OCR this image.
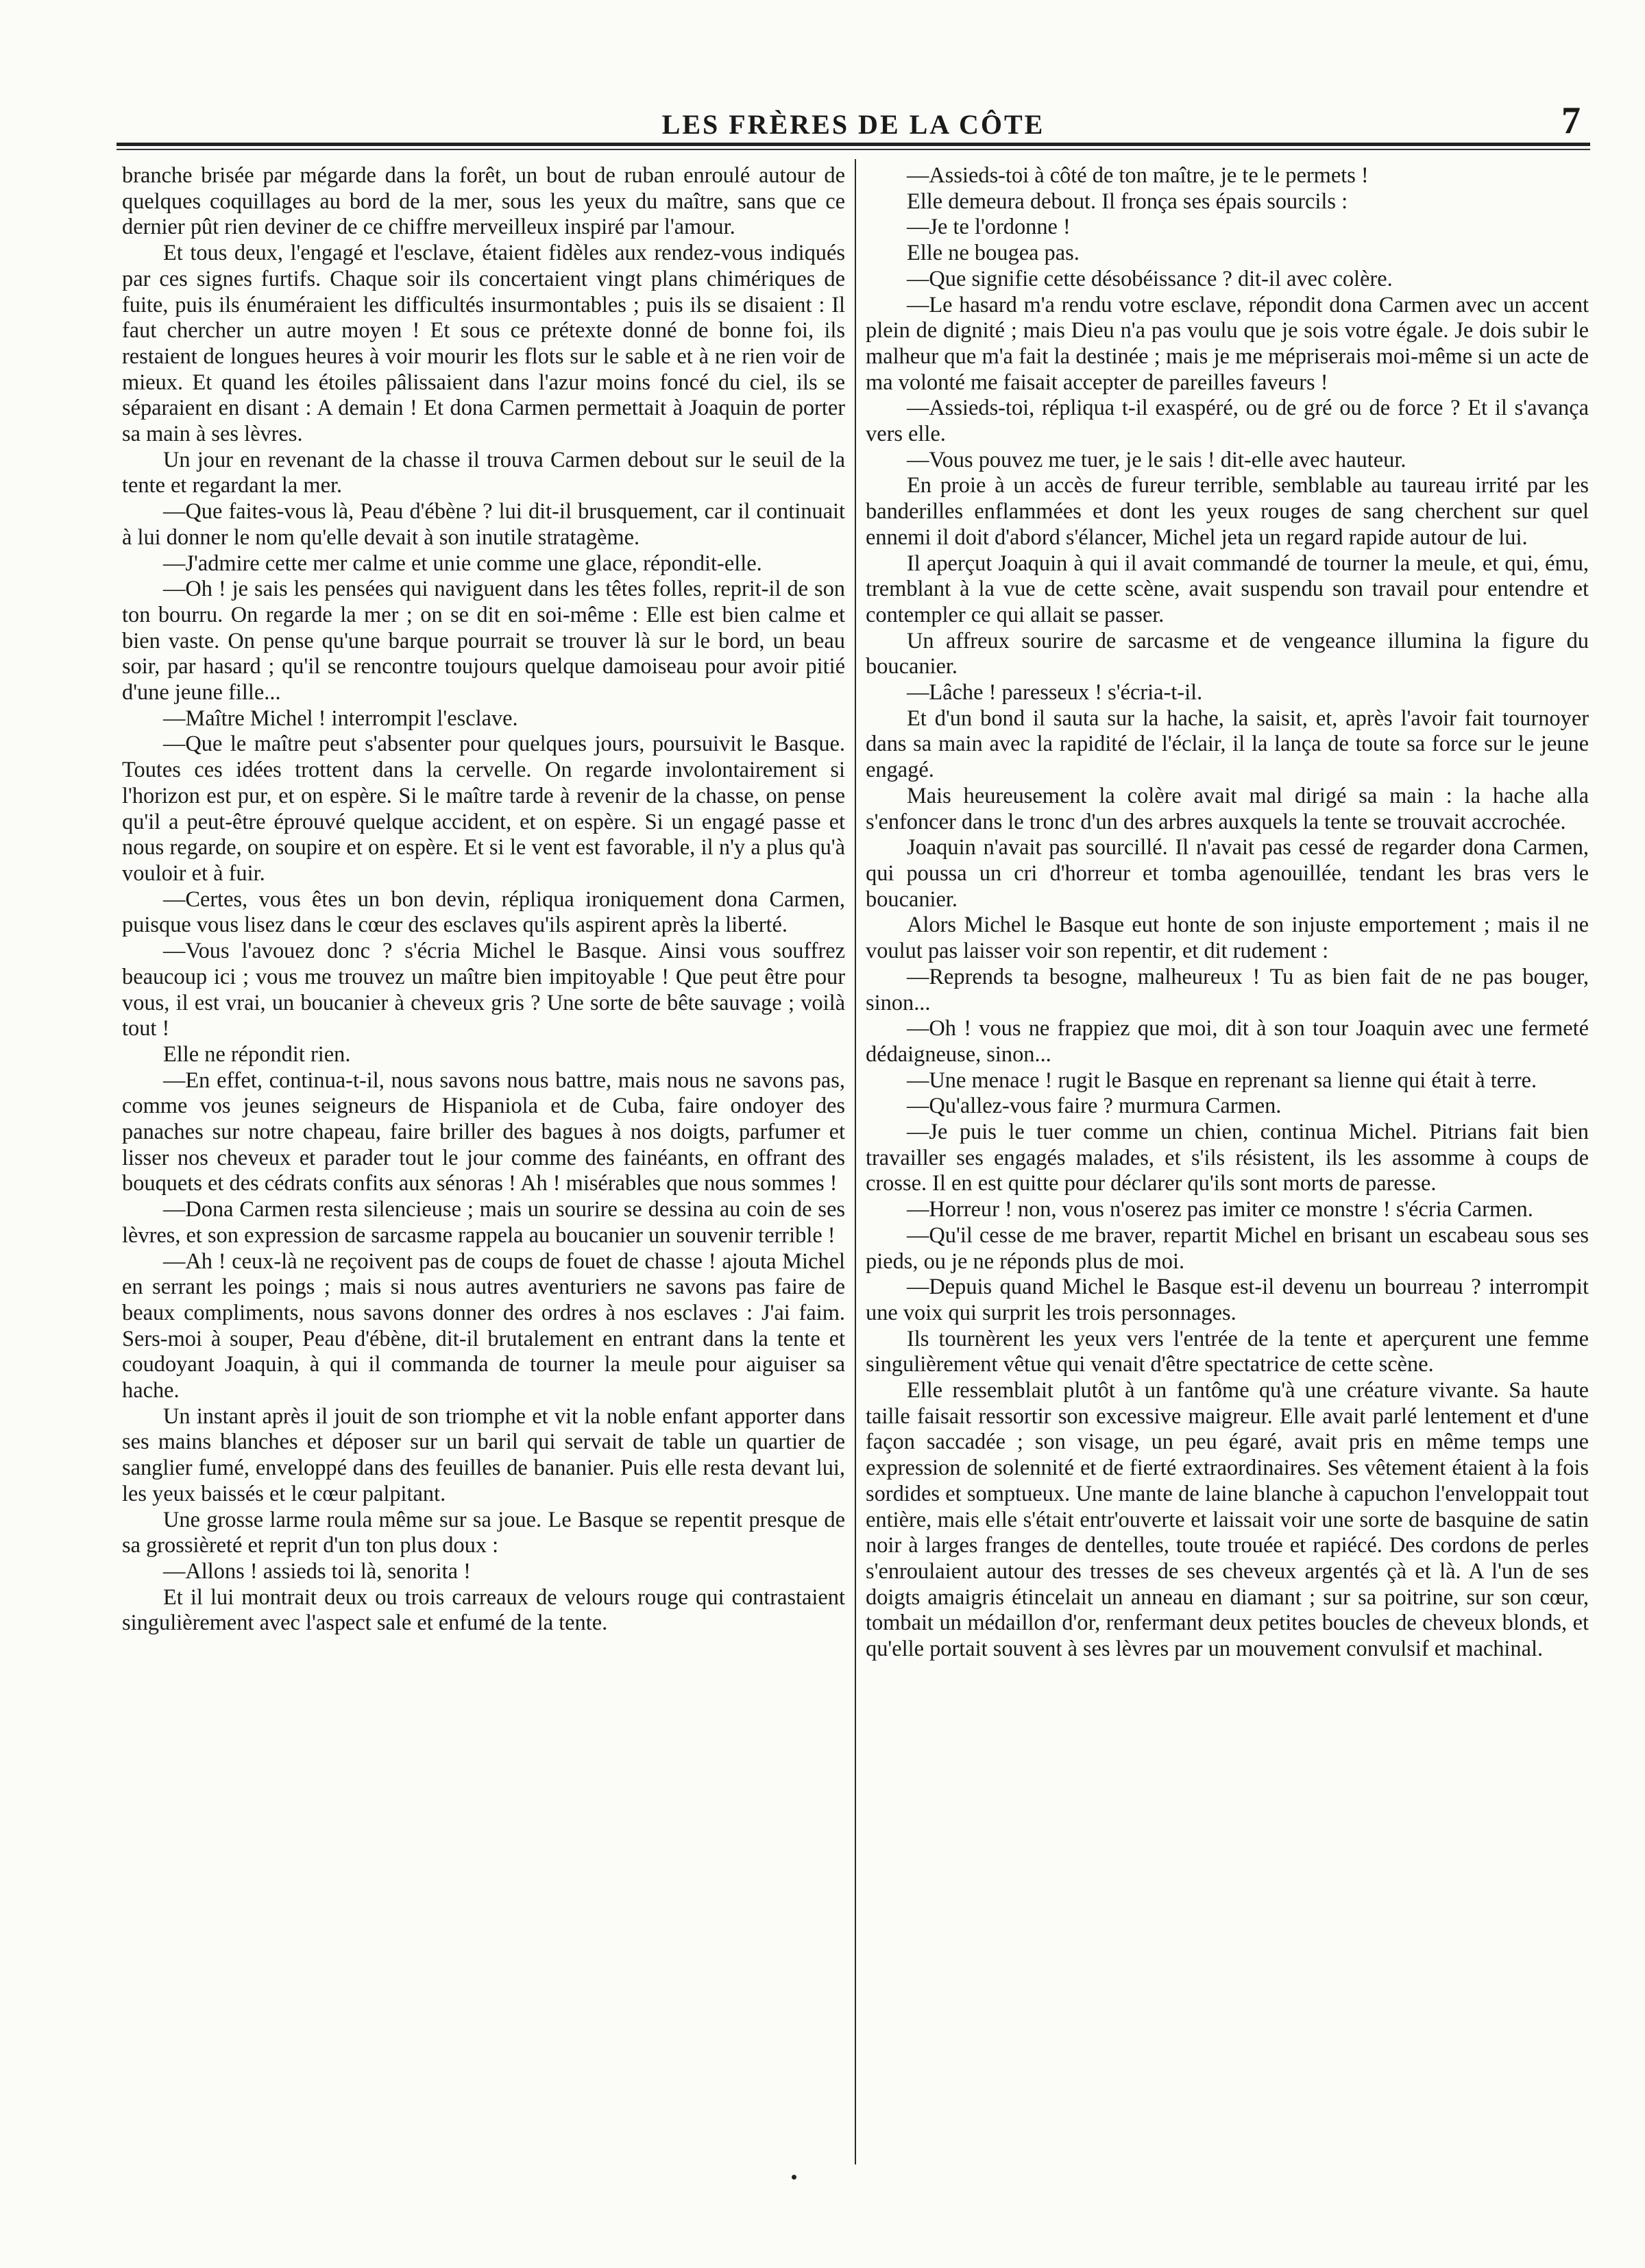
LES FRÈRES DE LA CÔTE	7

branche brisée par mégarde dans la forêt, un bout de ruban enroulé autour de quelques coquillages au bord de la mer, sous les yeux du maître, sans que ce dernier pût rien deviner de ce chiffre merveilleux inspiré par l'amour.

Et tous deux, l'engagé et l'esclave, étaient fidèles aux rendez-vous indiqués par ces signes furtifs. Chaque soir ils concertaient vingt plans chimériques de fuite, puis ils énuméraient les difficultés insurmontables ; puis ils se disaient : Il faut chercher un autre moyen ! Et sous ce prétexte donné de bonne foi, ils restaient de longues heures à voir mourir les flots sur le sable et à ne rien voir de mieux. Et quand les étoiles pâlissaient dans l'azur moins foncé du ciel, ils se séparaient en disant : A demain ! Et dona Carmen permettait à Joaquin de porter sa main à ses lèvres.

Un jour en revenant de la chasse il trouva Carmen debout sur le seuil de la tente et regardant la mer.

—Que faites-vous là, Peau d'ébène ? lui dit-il brusquement, car il continuait à lui donner le nom qu'elle devait à son inutile stratagème.

—J'admire cette mer calme et unie comme une glace, répondit-elle.

—Oh ! je sais les pensées qui naviguent dans les têtes folles, reprit-il de son ton bourru. On regarde la mer ; on se dit en soi-même : Elle est bien calme et bien vaste. On pense qu'une barque pourrait se trouver là sur le bord, un beau soir, par hasard ; qu'il se rencontre toujours quelque damoiseau pour avoir pitié d'une jeune fille...

—Maître Michel ! interrompit l'esclave.

—Que le maître peut s'absenter pour quelques jours, poursuivit le Basque. Toutes ces idées trottent dans la cervelle. On regarde involontairement si l'horizon est pur, et on espère. Si le maître tarde à revenir de la chasse, on pense qu'il a peut-être éprouvé quelque accident, et on espère. Si un engagé passe et nous regarde, on soupire et on espère. Et si le vent est favorable, il n'y a plus qu'à vouloir et à fuir.

—Certes, vous êtes un bon devin, répliqua ironiquement dona Carmen, puisque vous lisez dans le cœur des esclaves qu'ils aspirent après la liberté.

—Vous l'avouez donc ? s'écria Michel le Basque. Ainsi vous souffrez beaucoup ici ; vous me trouvez un maître bien impitoyable ! Que peut être pour vous, il est vrai, un boucanier à cheveux gris ? Une sorte de bête sauvage ; voilà tout !

Elle ne répondit rien.

—En effet, continua-t-il, nous savons nous battre, mais nous ne savons pas, comme vos jeunes seigneurs de Hispaniola et de Cuba, faire ondoyer des panaches sur notre chapeau, faire briller des bagues à nos doigts, parfumer et lisser nos cheveux et parader tout le jour comme des fainéants, en offrant des bouquets et des cédrats confits aux sénoras ! Ah ! misérables que nous sommes !

—Dona Carmen resta silencieuse ; mais un sourire se dessina au coin de ses lèvres, et son expression de sarcasme rappela au boucanier un souvenir terrible !

—Ah ! ceux-là ne reçoivent pas de coups de fouet de chasse ! ajouta Michel en serrant les poings ; mais si nous autres aventuriers ne savons pas faire de beaux compliments, nous savons donner des ordres à nos esclaves : J'ai faim. Sers-moi à souper, Peau d'ébène, dit-il brutalement en entrant dans la tente et coudoyant Joaquin, à qui il commanda de tourner la meule pour aiguiser sa hache.

Un instant après il jouit de son triomphe et vit la noble enfant apporter dans ses mains blanches et déposer sur un baril qui servait de table un quartier de sanglier fumé, enveloppé dans des feuilles de bananier. Puis elle resta devant lui, les yeux baissés et le cœur palpitant.

Une grosse larme roula même sur sa joue. Le Basque se repentit presque de sa grossièreté et reprit d'un ton plus doux :

—Allons ! assieds toi là, senorita !

Et il lui montrait deux ou trois carreaux de velours rouge qui contrastaient singulièrement avec l'aspect sale et enfumé de la tente.

—Assieds-toi à côté de ton maître, je te le permets !

Elle demeura debout. Il fronça ses épais sourcils :

—Je te l'ordonne !

Elle ne bougea pas.

—Que signifie cette désobéissance ? dit-il avec colère.

—Le hasard m'a rendu votre esclave, répondit dona Carmen avec un accent plein de dignité ; mais Dieu n'a pas voulu que je sois votre égale. Je dois subir le malheur que m'a fait la destinée ; mais je me mépriserais moi-même si un acte de ma volonté me faisait accepter de pareilles faveurs !

—Assieds-toi, répliqua t-il exaspéré, ou de gré ou de force ? Et il s'avança vers elle.

—Vous pouvez me tuer, je le sais ! dit-elle avec hauteur.

En proie à un accès de fureur terrible, semblable au taureau irrité par les banderilles enflammées et dont les yeux rouges de sang cherchent sur quel ennemi il doit d'abord s'élancer, Michel jeta un regard rapide autour de lui.

Il aperçut Joaquin à qui il avait commandé de tourner la meule, et qui, ému, tremblant à la vue de cette scène, avait suspendu son travail pour entendre et contempler ce qui allait se passer.

Un affreux sourire de sarcasme et de vengeance illumina la figure du boucanier.

—Lâche ! paresseux ! s'écria-t-il.

Et d'un bond il sauta sur la hache, la saisit, et, après l'avoir fait tournoyer dans sa main avec la rapidité de l'éclair, il la lança de toute sa force sur le jeune engagé.

Mais heureusement la colère avait mal dirigé sa main : la hache alla s'enfoncer dans le tronc d'un des arbres auxquels la tente se trouvait accrochée.

Joaquin n'avait pas sourcillé. Il n'avait pas cessé de regarder dona Carmen, qui poussa un cri d'horreur et tomba agenouillée, tendant les bras vers le boucanier.

Alors Michel le Basque eut honte de son injuste emportement ; mais il ne voulut pas laisser voir son repentir, et dit rudement :

—Reprends ta besogne, malheureux ! Tu as bien fait de ne pas bouger, sinon...

—Oh ! vous ne frappiez que moi, dit à son tour Joaquin avec une fermeté dédaigneuse, sinon...

—Une menace ! rugit le Basque en reprenant sa lienne qui était à terre.

—Qu'allez-vous faire ? murmura Carmen.

—Je puis le tuer comme un chien, continua Michel. Pitrians fait bien travailler ses engagés malades, et s'ils résistent, ils les assomme à coups de crosse. Il en est quitte pour déclarer qu'ils sont morts de paresse.

—Horreur ! non, vous n'oserez pas imiter ce monstre ! s'écria Carmen.

—Qu'il cesse de me braver, repartit Michel en brisant un escabeau sous ses pieds, ou je ne réponds plus de moi.

—Depuis quand Michel le Basque est-il devenu un bourreau ? interrompit une voix qui surprit les trois personnages.

Ils tournèrent les yeux vers l'entrée de la tente et aperçurent une femme singulièrement vêtue qui venait d'être spectatrice de cette scène.

Elle ressemblait plutôt à un fantôme qu'à une créature vivante. Sa haute taille faisait ressortir son excessive maigreur. Elle avait parlé lentement et d'une façon saccadée ; son visage, un peu égaré, avait pris en même temps une expression de solennité et de fierté extraordinaires. Ses vêtement étaient à la fois sordides et somptueux. Une mante de laine blanche à capuchon l'enveloppait tout entière, mais elle s'était entr'ouverte et laissait voir une sorte de basquine de satin noir à larges franges de dentelles, toute trouée et rapiécé. Des cordons de perles s'enroulaient autour des tresses de ses cheveux argentés çà et là. A l'un de ses doigts amaigris étincelait un anneau en diamant ; sur sa poitrine, sur son cœur, tombait un médaillon d'or, renfermant deux petites boucles de cheveux blonds, et qu'elle portait souvent à ses lèvres par un mouvement convulsif et machinal.
